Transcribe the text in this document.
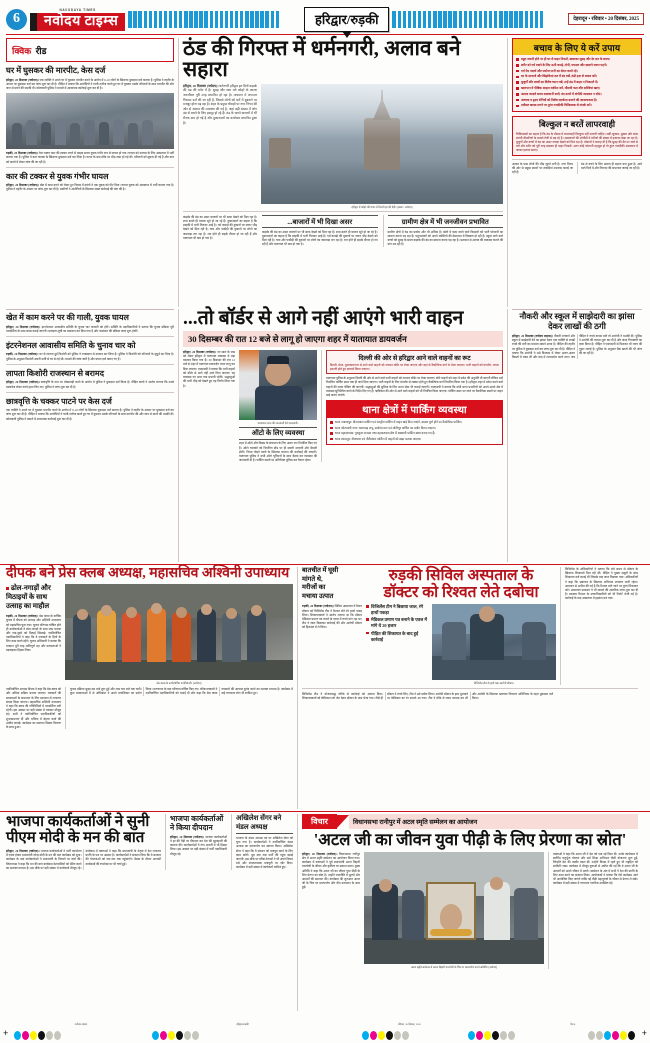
6
NAVODAYA TIMES
नवोदय टाइम्स	हरिद्वार/रुड़की	देहरादून • रविवार • 20 दिसंबर, 2025
क्विक रीड
घर में घुसकर की मारपीट, केस दर्ज
हरिद्वार, 20 दिसम्बर (नवोदय)। एक व्यक्ति ने अपने घर में घुसकर मारपीट करने के आरोप में 9-10 लोगों के खिलाफ मुकदमा दर्ज कराया है। पुलिस ने तहरीर के आधार पर मुकदमा दर्ज कर जांच शुरू कर दी है। पीड़ित ने बताया कि आरोपियों ने गाली-गलौज करते हुए घर में घुसकर उसके परिजनों के साथ मारपीट की और जान से मारने की धमकी दी। कोतवाली पुलिस ने मामले में आवश्यक कार्रवाई शुरू कर दी है।
रुड़की, 20 दिसम्बर (नवोदय)। तेज रफ्तार कार की टक्कर लगने से बाइक सवार युवक गंभीर रूप से घायल हो गया। घायल को उपचार के लिए अस्पताल में भर्ती कराया गया है। पुलिस ने कार चालक के खिलाफ मुकदमा दर्ज कर लिया है। घटना के बाद मौके पर भीड़ जमा हो गई थी। परिजनों को सूचना दी गई है और कार को कब्जे में लेकर जांच की जा रही है।
कार की टक्कर से युवक गंभीर घायल
हरिद्वार, 20 दिसम्बर (नवोदय)। खेत में काम करने को लेकर हुए विवाद में दबंगों ने एक युवक को पीट दिया। घायल युवक को अस्पताल में भर्ती कराया गया है। पुलिस ने तहरीर के आधार पर जांच शुरू कर दी है। ग्रामीणों ने आरोपियों के खिलाफ सख्त कार्रवाई की मांग की है।
ठंड की गिरफ्त में धर्मनगरी, अलाव बने सहारा
हरिद्वार, 20 दिसम्बर (नवोदय)। धर्मनगरी हरिद्वार इन दिनों कड़ाके की ठंड की चपेट में है। सुबह और शाम घने कोहरे के कारण जनजीवन पूरी तरह प्रभावित हो रहा है। तापमान में लगातार गिरावट दर्ज की जा रही है, जिससे लोगों को घरों में दुबकने पर मजबूर होना पड़ रहा है। शहर के प्रमुख चौराहों पर नगर निगम की ओर से अलाव की व्यवस्था की गई है, जहां बड़ी संख्या में लोग ठंड से बचने के लिए इकट्ठा हो रहे हैं। ठंड के चलते बाजारों में भी रौनक कम हो गई है और दुकानदारों का कारोबार प्रभावित हुआ है।
हरिद्वार में कोहरे की चादर में लिपटी हर की पैड़ी। (छाया : नवोदय)
कड़ाके की ठंड का असर बाजारों पर भी साफ देखने को मिल रहा है। शाम ढलते ही बाजार सूने हो जा रहे हैं। दुकानदारों का कहना है कि ग्राहकी में भारी गिरावट आई है। गर्म कपड़ों की दुकानों पर जरूर भीड़ देखने को मिल रही है। चाय और पकौड़ी की दुकानों पर लोगों का जमावड़ा लग रहा है। रात होते ही सड़कें वीरान हो जा रही हैं और यातायात भी कम हो गया है।
...बाजारों में भी दिखा असर
कड़ाके की ठंड का असर बाजारों पर भी साफ देखने को मिल रहा है। शाम ढलते ही बाजार सूने हो जा रहे हैं। दुकानदारों का कहना है कि ग्राहकी में भारी गिरावट आई है। गर्म कपड़ों की दुकानों पर जरूर भीड़ देखने को मिल रही है। चाय और पकौड़ी की दुकानों पर लोगों का जमावड़ा लग रहा है। रात होते ही सड़कें वीरान हो जा रही हैं और यातायात भी कम हो गया है।
ग्रामीण क्षेत्र में भी जनजीवन प्रभावित
ग्रामीण क्षेत्रों में ठंड का प्रकोप और भी अधिक है। खेतों में काम करने वाले किसानों को भारी परेशानी का सामना करना पड़ रहा है। पशुपालकों को अपने मवेशियों की देखभाल में दिक्कत हो रही है। स्कूल जाने वाले बच्चों को सुबह के समय कड़ाके की ठंड का सामना करना पड़ रहा है। प्रशासन से अलाव की व्यवस्था कराने की मांग उठ रही है।
बचाव के लिए ये करें उपाय
बहुत जरूरी होने पर ही घर से बाहर निकलें, खासकर सुबह और देर रात के समय।
शरीर को गर्म रखने के लिए ऊनी कपड़े, टोपी, मफलर और दस्ताने जरूर पहनें।
गर्म पेय पदार्थ और पर्याप्त पानी का सेवन करते रहें।
घर के दरवाजे और खिड़कियां रात में बंद रखें, ठंडी हवा से बचाव करें।
बुजुर्गों और बच्चों का विशेष ध्यान रखें, उन्हें ठंड में बाहर न निकलने दें।
खानपान में पौष्टिक आहार शामिल करें, मौसमी फल और सब्जियां खाएं।
अलाव जलाते समय सावधानी बरतें, बंद कमरे में अंगीठी जलाकर न सोएं।
अस्थमा व हृदय रोगियों को विशेष सतर्कता बरतने की आवश्यकता है।
तबीयत खराब लगने पर तुरंत नजदीकी चिकित्सक से संपर्क करें।
बिल्कुल न बरतें लापरवाही
चिकित्सकों का कहना है कि ठंड के मौसम में लापरवाही बिल्कुल नहीं बरतनी चाहिए। सर्दी-जुकाम, बुखार और सांस संबंधी बीमारियों के मामले तेजी से बढ़ रहे हैं। अस्पतालों की ओपीडी में मरीजों की संख्या में इजाफा देखा जा रहा है। बुजुर्गों और बच्चों में ठंड का असर ज्यादा देखने को मिल रहा है। डॉक्टरों ने सलाह दी है कि सुबह की सैर पर जाने से बचें और शरीर को पूरी तरह ढककर ही बाहर निकलें। अगर कोई परेशानी महसूस हो तो तुरंत नजदीकी अस्पताल में जाकर इलाज कराएं।
अलाव के पास लोगों की भीड़ जुटने लगी है। नगर निगम की ओर से प्रमुख स्थानों पर लकड़ियां उपलब्ध कराई जा रही हैं।
ठंड से बचने के लिए अलाव ही सहारा बना हुआ है। आने वाले दिनों में और गिरावट की संभावना जताई जा रही है।
खेत में काम करने पर की गाली, युवक घायल
हरिद्वार, 20 दिसम्बर (नवोदय)। इंटरनेशनल आवासीय समिति के चुनाव चार जनवरी को होंगे। समिति के पदाधिकारियों ने बताया कि चुनाव प्रक्रिया पूरी पारदर्शिता के साथ संपन्न कराई जाएगी। मतदाता सूची का प्रकाशन कर दिया गया है और नामांकन की प्रक्रिया जल्द शुरू होगी।
इंटरनेशनल आवासीय समिति के चुनाव चार को
रुड़की, 20 दिसम्बर (नवोदय)। घर से लापता हुई किशोरी को पुलिस ने राजस्थान से बरामद कर लिया है। पुलिस ने किशोरी को परिजनों के सुपुर्द कर दिया है। पुलिस के अनुसार किशोरी अपनी मर्जी से घर से गई थी। मामले की जांच जारी है और बयान दर्ज कराए गए हैं।
लापता किशोरी राजस्थान से बरामद
हरिद्वार, 20 दिसम्बर (नवोदय)। छात्रवृत्ति के नाम पर धोखाधड़ी करने के आरोप में पुलिस ने मुकदमा दर्ज किया है। पीड़ित छात्रों ने आरोप लगाया कि उनसे दस्तावेज लेकर रुपये हड़प लिए गए। पुलिस ने जांच शुरू कर दी है।
छात्रवृत्ति के चक्कर पाटने पर केस दर्ज
एक व्यक्ति ने अपने घर में घुसकर मारपीट करने के आरोप में 9-10 लोगों के खिलाफ मुकदमा दर्ज कराया है। पुलिस ने तहरीर के आधार पर मुकदमा दर्ज कर जांच शुरू कर दी है। पीड़ित ने बताया कि आरोपियों ने गाली-गलौज करते हुए घर में घुसकर उसके परिजनों के साथ मारपीट की और जान से मारने की धमकी दी। कोतवाली पुलिस ने मामले में आवश्यक कार्रवाई शुरू कर दी है।
...तो बॉर्डर से आगे नहीं आएंगे भारी वाहन
30 दिसम्बर की रात 12 बजे से लागू हो जाएगा शहर में यातायात डायवर्जन
हरिद्वार, 20 दिसम्बर (नवोदय)। नए साल के जश्न को लेकर हरिद्वार में यातायात व्यवस्था में बड़ा बदलाव किया गया है। 30 दिसम्बर की रात 12 बजे से शहर में यातायात डायवर्जन प्लान लागू कर दिया जाएगा। एसएसपी ने बताया कि भारी वाहनों को बॉर्डर से आगे नहीं आने दिया जाएगा। यह व्यवस्था नए साल तक प्रभावी रहेगी। श्रद्धालुओं की भारी भीड़ को देखते हुए यह निर्णय लिया गया है।
यातायात प्लान की जानकारी देते एसएसपी।
ऑटो के लिए व्यवस्था
शहर में ऑटो और विक्रम के संचालन के लिए अलग रूट निर्धारित किए गए हैं। ऑटो चालकों को निर्धारित स्टैंड पर ही सवारी उतारनी और बैठानी होगी। नियम तोड़ने वालों के खिलाफ चालान की कार्रवाई की जाएगी। यातायात पुलिस ने सभी ऑटो यूनियनों के साथ बैठक कर व्यवस्था की जानकारी दी है। पार्किंग स्थलों पर अतिरिक्त पुलिस बल तैनात रहेगा।
दिल्ली की ओर से हरिद्वार आने वाले वाहनों का रूट
दिल्ली, मेरठ, मुजफ्फरनगर से आने वाले वाहनों को नारसन बॉर्डर पर रोका जाएगा और वहां से वैकल्पिक मार्ग से भेजा जाएगा। भारी वाहनों को मंगलौर, नगला इमरती होते हुए डायवर्ट किया जाएगा।
यातायात पुलिस के अनुसार दिल्ली की ओर से आने वाले सभी वाहनों को नारसन बॉर्डर पर रोका जाएगा। छोटे वाहनों को शहर में प्रवेश की अनुमति दी जाएगी लेकिन उन्हें निर्धारित पार्किंग स्थल तक ही जाने दिया जाएगा। भारी वाहनों के लिए मंगलौर से लक्सर होते हुए वैकल्पिक मार्ग निर्धारित किया गया है। हरिद्वार शहर में प्रवेश करने वाले वाहनों की सघन चेकिंग की जाएगी। श्रद्धालुओं की सुविधा के लिए शटल सेवा भी चलाई जाएगी। एसएसपी ने बताया कि सभी थाना प्रभारियों को अपने-अपने क्षेत्र में व्यवस्था सुनिश्चित करने के निर्देश दिए गए हैं। ऋषिकेश की ओर से आने वाले वाहनों को भी नियंत्रित किया जाएगा। पार्किंग स्थल भर जाने पर वैकल्पिक स्थलों पर वाहन खड़े कराए जाएंगे।
थाना क्षेत्रों में पार्किंग व्यवस्था
थाना ज्वालापुर: दीनदयाल पार्किंग एवं पंतद्वीप पार्किंग में वाहन खड़े किए जाएंगे, क्षमता पूर्ण होने पर वैकल्पिक पार्किंग।
थाना कोतवाली नगर: चमगादड़ टापू, सर्वानंद घाट एवं मोतीचूर पार्किंग का प्रयोग किया जाएगा।
थाना बहादराबाद: गुरुकुल नारसन तथा बहादराबाद क्षेत्र में अस्थायी पार्किंग स्थल बनाए गए हैं।
थाना श्यामपुर: नीलधारा एवं गौरीशंकर पार्किंग में वाहनों को खड़ा कराया जाएगा।
नौकरी और स्कूल में साझेदारी का झांसा देकर लाखों की ठगी
हरिद्वार, 20 दिसम्बर (नवोदय टाइम्स)। नौकरी लगवाने और स्कूल में साझेदारी देने का झांसा देकर एक व्यक्ति से लाखों रुपये की ठगी का मामला सामने आया है। पीड़ित की तहरीर पर पुलिस ने मुकदमा दर्ज कर जांच शुरू कर दी है। पीड़ित ने बताया कि आरोपी ने उसे विश्वास में लेकर अलग-अलग किस्तों में रकम ली और बाद में टालमटोल करने लगा। जब पीड़ित ने रुपये वापस मांगे तो आरोपी ने धमकी दी। पुलिस ने आरोपी की तलाश शुरू कर दी है और जल्द गिरफ्तारी का दावा किया है। पीड़ित ने एसएसपी से मिलकर भी न्याय की गुहार लगाई है। पुलिस के अनुसार बैंक खातों की भी जांच की जा रही है।
दीपक बने प्रेस क्लब अध्यक्ष, महासचिव अश्विनी उपाध्याय
ढोल-नगाड़ों और
मिठाइयों के साथ
उत्साह का माहौल
रुड़की, 20 दिसम्बर (नवोदय)। प्रेस क्लब के वार्षिक चुनाव में दीपक को अध्यक्ष और अश्विनी उपाध्याय को महासचिव चुना गया। चुनाव परिणाम घोषित होते ही कार्यकर्ताओं ने ढोल-नगाड़ों के साथ जश्न मनाया और एक-दूसरे को मिठाई खिलाई। नवनिर्वाचित पदाधिकारियों ने कहा कि वे पत्रकारों के हितों के लिए काम करते रहेंगे। चुनाव अधिकारी ने बताया कि मतदान पूरी तरह शांतिपूर्ण रहा और मतदाताओं ने बढ़चढ़कर हिस्सा लिया।
प्रेस क्लब के नवनिर्वाचित पदाधिकारी। (नवोदय)
नवनिर्वाचित अध्यक्ष दीपक ने कहा कि प्रेस क्लब को और अधिक सक्रिय बनाया जाएगा। पत्रकारों की समस्याओं के समाधान के लिए प्रशासन से लगातार संवाद किया जाएगा। महासचिव अश्विनी उपाध्याय ने कहा कि क्लब की गतिविधियों में पारदर्शिता बनी रहेगी। इस अवसर पर बड़ी संख्या में पत्रकार मौजूद रहे। सभी ने नवनिर्वाचित पदाधिकारियों को शुभकामनाएं दीं और भविष्य में बेहतर कार्य की उम्मीद जताई। कार्यक्रम का समापन मिष्ठान वितरण के साथ हुआ।
चुनाव प्रक्रिया सुबह दस बजे शुरू हुई और शाम चार बजे तक चली। कुल मतदाताओं में से अधिकांश ने अपने मताधिकार का प्रयोग किया। मतगणना के बाद परिणाम घोषित किए गए। वरिष्ठ पत्रकारों ने नवनिर्वाचित पदाधिकारियों को बधाई दी और कहा कि प्रेस क्लब पत्रकारों की आवाज बुलंद करने का सशक्त माध्यम है। कार्यक्रम में कई गणमान्य लोग भी शामिल हुए।
बातचीत में घूसी
मांगते थे,
मरीजों का
मचाया उत्पात
रुड़की, 20 दिसम्बर (नवोदय)। सिविल अस्पताल में तैनात डॉक्टर को विजिलेंस टीम ने रिश्वत लेते रंगे हाथों पकड़ लिया। शिकायतकर्ता ने आरोप लगाया था कि डॉक्टर मेडिकल प्रमाण पत्र बनाने के एवज में रुपये मांग रहा था। टीम ने जाल बिछाकर कार्रवाई की और आरोपी डॉक्टर को हिरासत में ले लिया।
रुड़की सिविल अस्पताल के
डॉक्टर को रिश्वत लेते दबोचा
विजिलेंस टीम ने बिछाया जाल, रंगे हाथों पकड़ा
मेडिकल प्रमाण पत्र बनाने के एवज में मांगे थे 20 हजार
पीड़ित की शिकायत के बाद हुई कार्रवाई
विजिलेंस टीम के हत्थे चढ़ा आरोपी डॉक्टर।
विजिलेंस के अधिकारियों ने बताया कि लंबे समय से डॉक्टर के खिलाफ शिकायतें मिल रही थीं। पीड़ित ने पुख्ता सबूतों के साथ शिकायत दर्ज कराई थी जिसके बाद जाल बिछाया गया। अधिकारियों ने कहा कि भ्रष्टाचार के खिलाफ अभियान लगातार जारी रहेगा। आमजन से अपील की गई है कि रिश्वत मांगे जाने पर तुरंत शिकायत करें। अस्पताल प्रशासन ने भी मामले की आंतरिक जांच शुरू कर दी है। स्वास्थ्य विभाग के उच्चाधिकारियों को भी रिपोर्ट भेजी गई है। कार्रवाई के बाद अस्पताल में हड़कंप मच गया।
विजिलेंस टीम ने योजनाबद्ध तरीके से कार्रवाई को अंजाम दिया। शिकायतकर्ता को केमिकल लगे नोट देकर डॉक्टर के पास भेजा गया। जैसे ही डॉक्टर ने रुपये लिए, टीम ने उसे दबोच लिया। आरोपी डॉक्टर के हाथ धुलवाने पर केमिकल का रंग सामने आ गया। टीम ने मौके से रकम बरामद कर ली और आरोपी के खिलाफ भ्रष्टाचार निवारण अधिनियम के तहत मुकदमा दर्ज किया।
भाजपा कार्यकर्ताओं ने सुनी
पीएम मोदी के मन की बात
हरिद्वार, 20 दिसम्बर (नवोदय)। भाजपा कार्यकर्ताओं ने पार्टी कार्यालय में एकत्र होकर प्रधानमंत्री नरेन्द्र मोदी के मन की बात कार्यक्रम को सुना। कार्यक्रम के बाद कार्यकर्ताओं ने प्रधानमंत्री के विचारों पर चर्चा की। जिलाध्यक्ष ने कहा कि मन की बात कार्यक्रम देशवासियों को प्रेरित करने का सशक्त माध्यम है। इस मौके पर बड़ी संख्या में कार्यकर्ता मौजूद रहे। कार्यक्रम में वक्ताओं ने कहा कि प्रधानमंत्री के नेतृत्व में देश लगातार प्रगति के पथ पर अग्रसर है। कार्यकर्ताओं ने संकल्प लिया कि वे सरकार की योजनाओं को जन-जन तक पहुंचाएंगे। बैठक के दौरान आगामी कार्यक्रमों की रूपरेखा पर भी चर्चा हुई।
भाजपा कार्यकर्ताओं
ने किया दीपदान
हरिद्वार, 20 दिसम्बर (नवोदय)। भाजपा कार्यकर्ताओं ने हर की पैड़ी पर दीपदान कर देश की खुशहाली की कामना की। कार्यकर्ताओं ने गंगा आरती में भी हिस्सा लिया। इस अवसर पर बड़ी संख्या में पार्टी पदाधिकारी मौजूद रहे।
अखिलेश सेंगर बने मंडल अध्यक्ष
भाजपा के मंडल अध्यक्ष पद पर अखिलेश सेंगर को चुना गया है। कार्यकर्ताओं ने नवनिर्वाचित मंडल अध्यक्ष का माल्यार्पण कर स्वागत किया। अखिलेश सेंगर ने कहा कि वे संगठन को मजबूत करने के लिए काम करेंगे। बूथ स्तर तक पार्टी की पहुंच बढ़ाई जाएगी। इस मौके पर वरिष्ठ नेताओं ने भी अपने विचार रखे और संगठनात्मक मजबूती पर जोर दिया। कार्यक्रम में बड़ी संख्या में कार्यकर्ता शामिल हुए।
विचार	विधानसभा रानीपुर में अटल स्मृति सम्मेलन का आयोजन
'अटल जी का जीवन युवा पीढ़ी के लिए प्रेरणा का स्रोत'
हरिद्वार, 20 दिसम्बर (नवोदय)। विधानसभा रानीपुर क्षेत्र में अटल स्मृति सम्मेलन का आयोजन किया गया। कार्यक्रम में वक्ताओं ने पूर्व प्रधानमंत्री अटल बिहारी वाजपेयी के जीवन और कृतित्व पर प्रकाश डाला। मुख्य अतिथि ने कहा कि अटल जी का जीवन युवा पीढ़ी के लिए प्रेरणा का स्रोत है। उन्होंने राजनीति में मूल्यों और आदर्शों की स्थापना की। कार्यक्रम की शुरुआत अटल जी के चित्र पर माल्यार्पण और दीप प्रज्वलन के साथ हुई।
अटल स्मृति सम्मेलन में अटल बिहारी वाजपेयी के चित्र पर माल्यार्पण करते अतिथि। (नवोदय)
वक्ताओं ने कहा कि अटल जी ने देश को एक नई दिशा दी। उनके कार्यकाल में स्वर्णिम चतुर्भुज योजना और सर्व शिक्षा अभियान जैसी योजनाएं शुरू हुईं, जिन्होंने देश की तस्वीर बदल दी। उन्होंने विपक्ष में रहते हुए भी राष्ट्रहित को सर्वोपरि रखा। कार्यक्रम में मौजूद युवाओं से अपील की गई कि वे अटल जी के आदर्शों को अपने जीवन में उतारें। सम्मेलन के अंत में सभी ने देश की प्रगति के लिए काम करने का संकल्प लिया। आयोजकों ने बताया कि ऐसे कार्यक्रम आगे भी आयोजित किए जाएंगे ताकि नई पीढ़ी महापुरुषों के जीवन से प्रेरणा ले सके। कार्यक्रम में बड़ी संख्या में गणमान्य नागरिक उपस्थित रहे।
नवोदय टाइम्स	हरिद्वार/रुड़की	रविवार, 20 दिसंबर, 2025	पेज 6
+	+
